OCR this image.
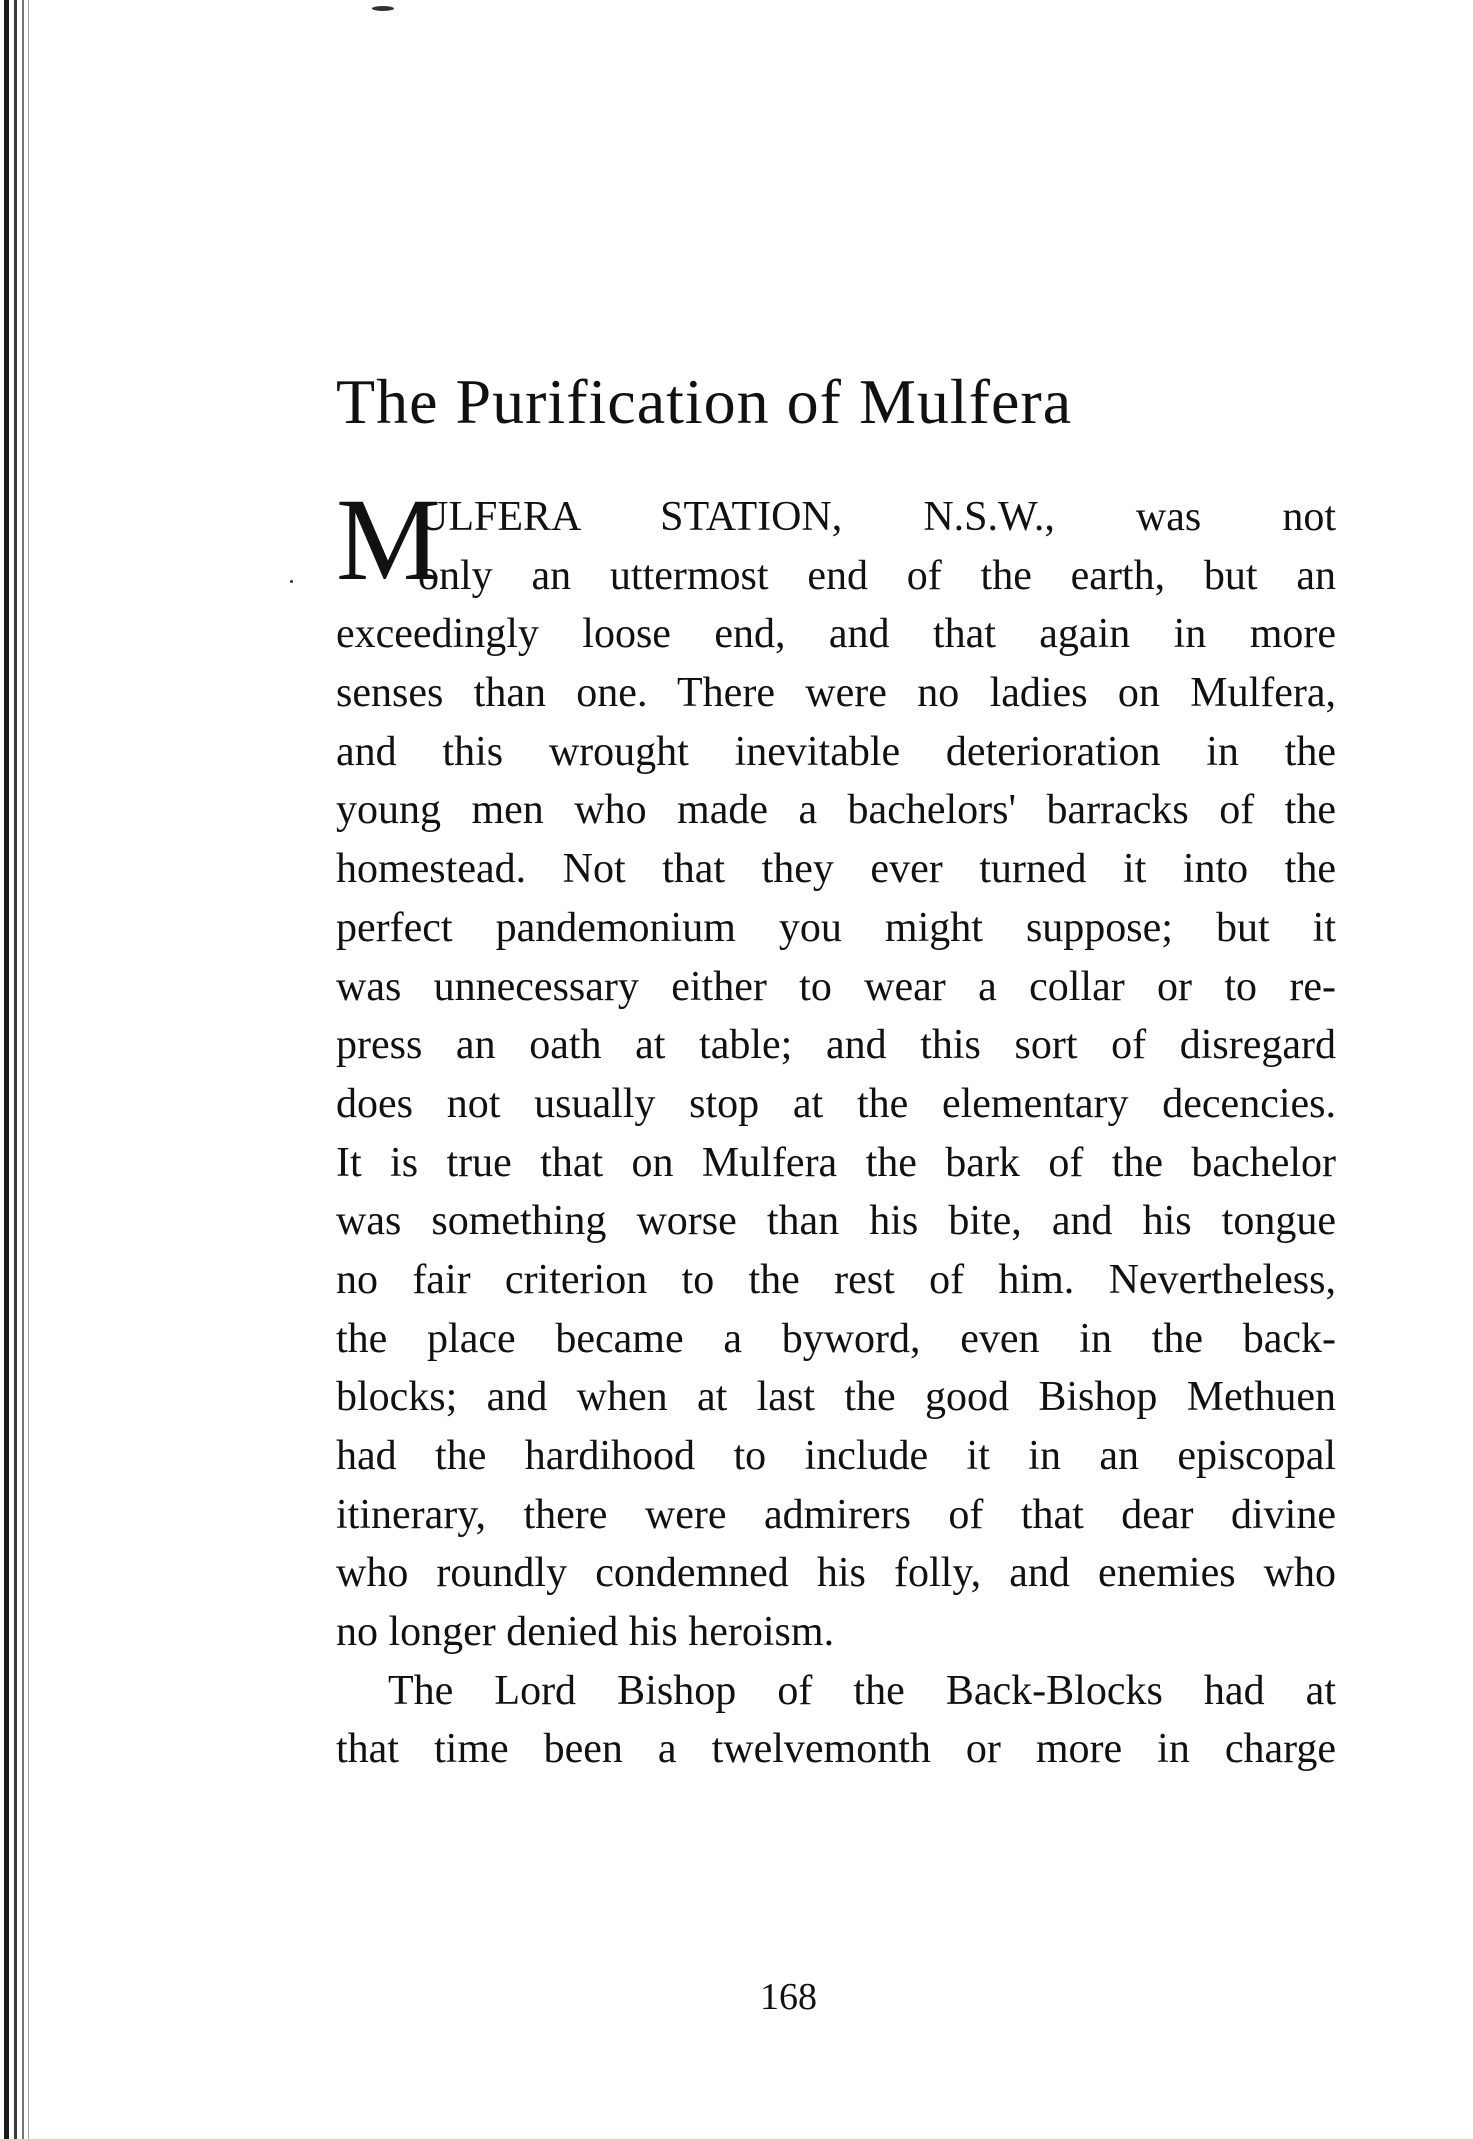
The Purification of Mulfera
M
ULFERA STATION, N.S.W., was not
only an uttermost end of the earth, but an
exceedingly loose end, and that again in more
senses than one. There were no ladies on Mulfera,
and this wrought inevitable deterioration in the
young men who made a bachelors' barracks of the
homestead. Not that they ever turned it into the
perfect pandemonium you might suppose; but it
was unnecessary either to wear a collar or to re-
press an oath at table; and this sort of disregard
does not usually stop at the elementary decencies.
It is true that on Mulfera the bark of the bachelor
was something worse than his bite, and his tongue
no fair criterion to the rest of him. Nevertheless,
the place became a byword, even in the back-
blocks; and when at last the good Bishop Methuen
had the hardihood to include it in an episcopal
itinerary, there were admirers of that dear divine
who roundly condemned his folly, and enemies who
no longer denied his heroism.
The Lord Bishop of the Back-Blocks had at
that time been a twelvemonth or more in charge
168
